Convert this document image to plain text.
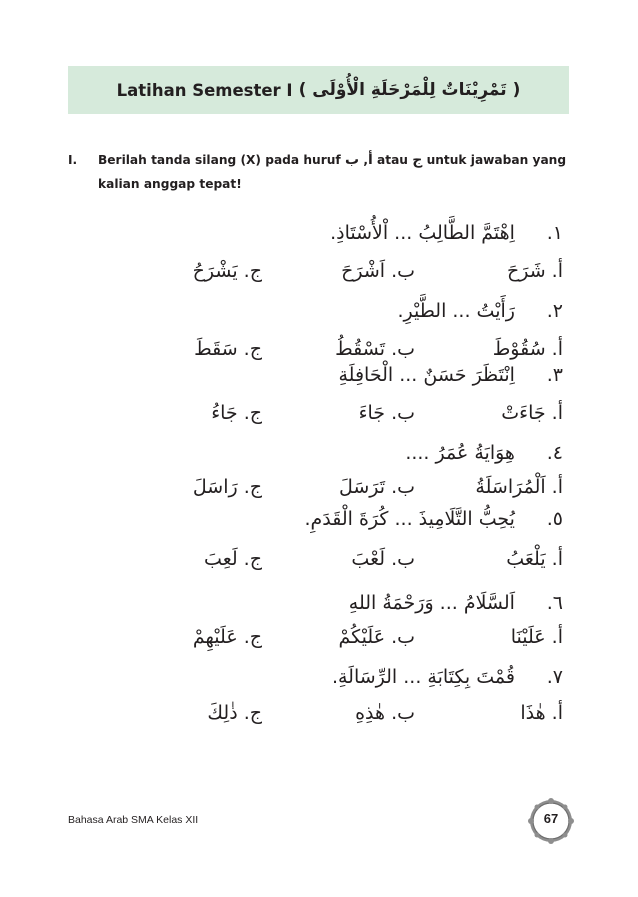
Latihan Semester I ( تَمْرِيْنَاتٌ لِلْمَرْحَلَةِ الْأُوْلَى )
I. Berilah tanda silang (X) pada huruf أ, ب atau ج untuk jawaban yang kalian anggap tepat!
١. اِهْتَمَّ الطَّالِبُ ... اْلأُسْتَاذِ.
أ. شَرَحَ
ب. اَشْرَحَ
ج. يَشْرَحُ
٢. رَأَيْتُ ... الطَّيْرِ.
أ. سُقُوْطَ
ب. تَسْقُطُ
ج. سَقَطَ
٣. اِنْتَظَرَ حَسَنٌ ... الْحَافِلَةِ
أ. جَاءَتْ
ب. جَاءَ
ج. جَاءُ
٤. هِوَايَةُ عُمَرُ ....
أ. اَلْمُرَاسَلَةُ
ب. تَرَسَلَ
ج. رَاسَلَ
٥. يُحِبُّ التَّلَامِيذَ ... كُرَةَ الْقَدَمِ.
أ. يَلْعَبُ
ب. لَعْبَ
ج. لَعِبَ
٦. اَلسَّلَامُ ... وَرَحْمَةُ اللهِ
أ. عَلَيْنَا
ب. عَلَيْكُمْ
ج. عَلَيْهِمْ
٧. قُمْتَ بِكِتَابَةِ ... الرِّسَالَةِ.
أ. هٰذَا
ب. هٰذِهِ
ج. ذٰلِكَ
Bahasa Arab SMA Kelas XII	67
